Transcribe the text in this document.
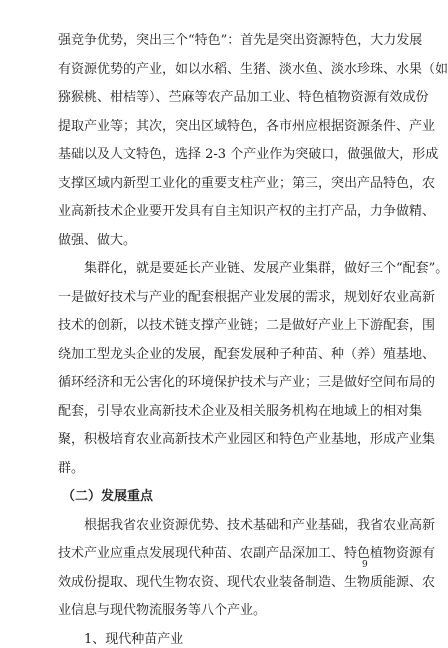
9
强竞争优势，突出三个“特色”：首先是突出资源特色，大力发展
有资源优势的产业，如以水稻、生猪、淡水鱼、淡水珍珠、水果（如
猕猴桃、柑桔等）、苎麻等农产品加工业、特色植物资源有效成份
提取产业等；其次，突出区域特色，各市州应根据资源条件、产业
基础以及人文特色，选择 2-3 个产业作为突破口，做强做大，形成
支撑区域内新型工业化的重要支柱产业；第三，突出产品特色，农
业高新技术企业要开发具有自主知识产权的主打产品，力争做精、
做强、做大。
集群化，就是要延长产业链、发展产业集群，做好三个“配套”。
一是做好技术与产业的配套根据产业发展的需求，规划好农业高新
技术的创新，以技术链支撑产业链；二是做好产业上下游配套，围
绕加工型龙头企业的发展，配套发展种子种苗、种（养）殖基地、
循环经济和无公害化的环境保护技术与产业；三是做好空间布局的
配套，引导农业高新技术企业及相关服务机构在地域上的相对集
聚，积极培育农业高新技术产业园区和特色产业基地，形成产业集
群。
根据我省农业资源优势、技术基础和产业基础，我省农业高新
技术产业应重点发展现代种苗、农副产品深加工、特色植物资源有
效成份提取、现代生物农资、现代农业装备制造、生物质能源、农
业信息与现代物流服务等八个产业。
1、现代种苗产业
（二）发展重点
